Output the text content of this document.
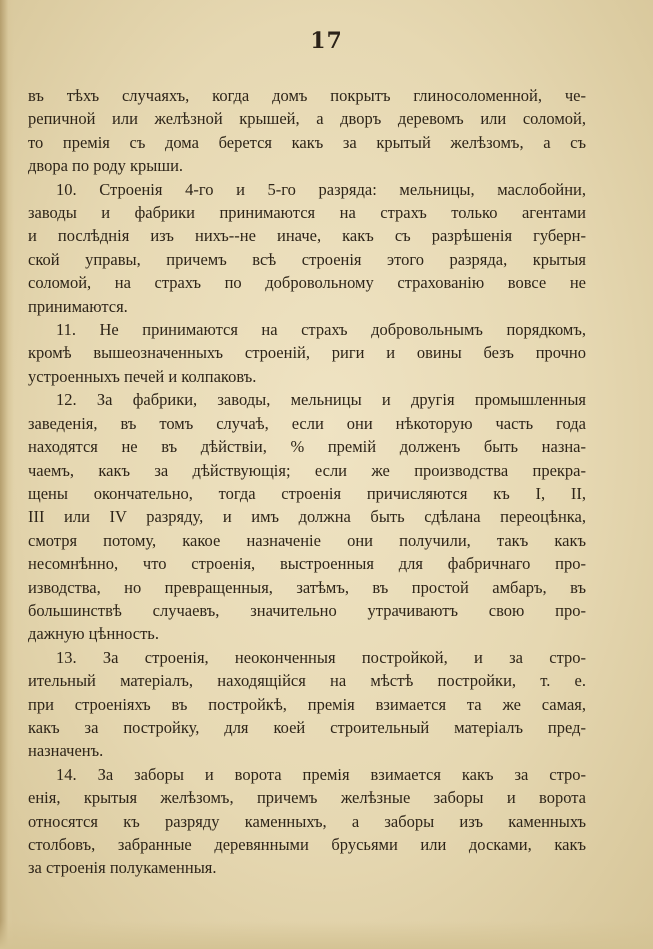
17

въ тѣхъ случаяхъ, когда домъ покрытъ глиносоломенной, че-
репичной или желѣзной крышей, а дворъ деревомъ или соломой,
то премія съ дома берется какъ за крытый желѣзомъ, а съ
двора по роду крыши.

10. Строенія 4-го и 5-го разряда: мельницы, маслобойни,
заводы и фабрики принимаются на страхъ только агентами
и послѣднія изъ нихъ--не иначе, какъ съ разрѣшенія губерн-
ской управы, причемъ всѣ строенія этого разряда, крытыя
соломой, на страхъ по добровольному страхованію вовсе не
принимаются.

11. Не принимаются на страхъ добровольнымъ порядкомъ,
кромѣ вышеозначенныхъ строеній, риги и овины безъ прочно
устроенныхъ печей и колпаковъ.

12. За фабрики, заводы, мельницы и другія промышленныя
заведенія, въ томъ случаѣ, если они нѣкоторую часть года
находятся не въ дѣйствіи, % премій долженъ быть назна-
чаемъ, какъ за дѣйствующія; если же производства прекра-
щены окончательно, тогда строенія причисляются къ I, II,
III или IV разряду, и имъ должна быть сдѣлана переоцѣнка,
смотря потому, какое назначеніе они получили, такъ какъ
несомнѣнно, что строенія, выстроенныя для фабричнаго про-
изводства, но превращенныя, затѣмъ, въ простой амбаръ, въ
большинствѣ случаевъ, значительно утрачиваютъ свою про-
дажную цѣнность.

13. За строенія, неоконченныя постройкой, и за стро-
ительный матеріалъ, находящійся на мѣстѣ постройки, т. е.
при строеніяхъ въ постройкѣ, премія взимается та же самая,
какъ за постройку, для коей строительный матеріалъ пред-
назначенъ.

14. За заборы и ворота премія взимается какъ за стро-
енія, крытыя желѣзомъ, причемъ желѣзные заборы и ворота
относятся къ разряду каменныхъ, а заборы изъ каменныхъ
столбовъ, забранные деревянными брусьями или досками, какъ
за строенія полукаменныя.
